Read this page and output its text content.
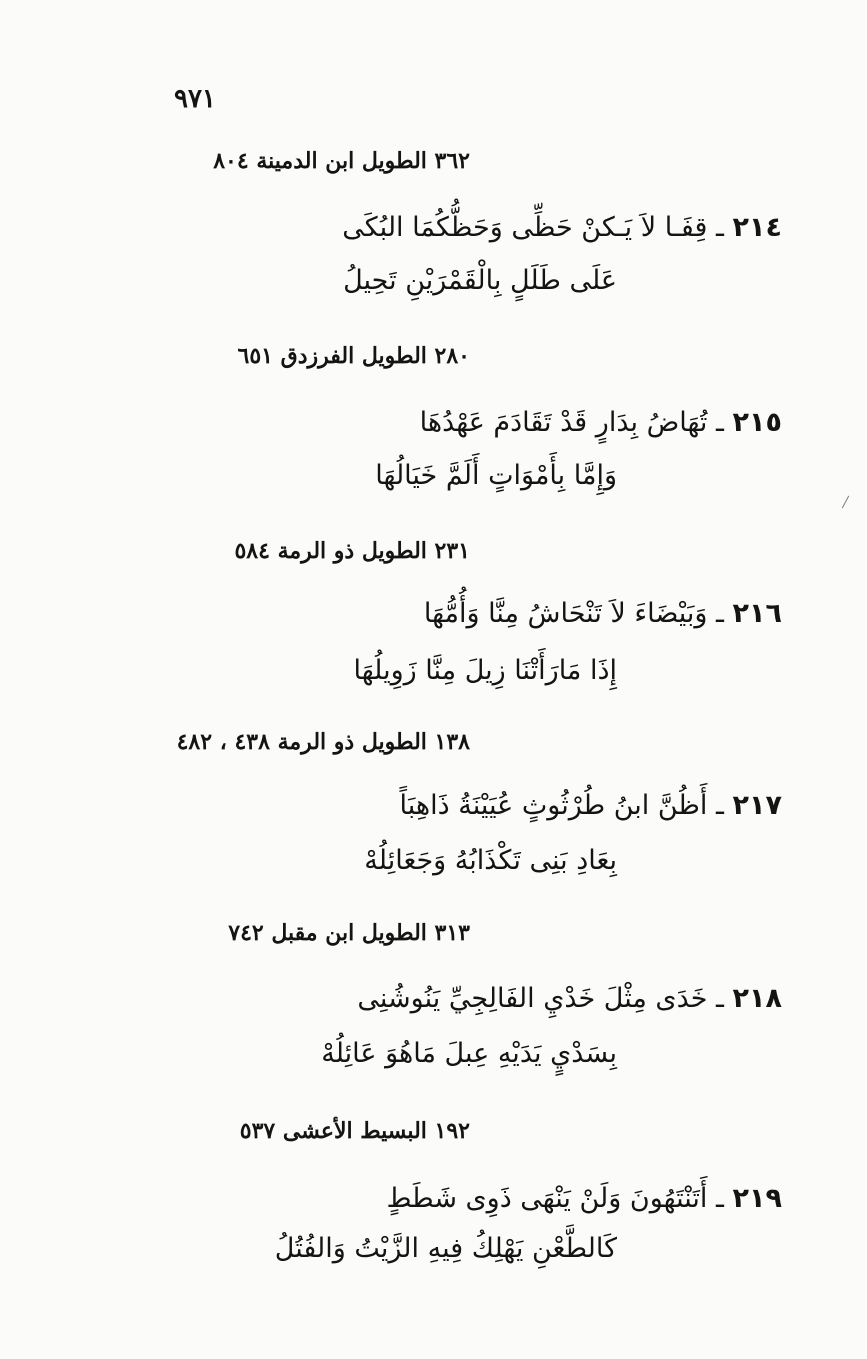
٩٧١
٣٦٢ الطويل ابن الدمينة ٨٠٤
٢١٤ ـ قِفَـا لاَ يَـكنْ حَظِّى وَحَظُّكُمَا البُكَى
عَلَى طَلَلٍ بِالْقَمْرَيْنِ تَحِيلُ
٢٨٠ الطويل الفرزدق ٦٥١
٢١٥ ـ تُهَاضُ بِدَارٍ قَدْ تَقَادَمَ عَهْدُهَا
وَإِمَّا بِأَمْوَاتٍ أَلَمَّ خَيَالُهَا
٢٣١ الطويل ذو الرمة ٥٨٤
٢١٦ ـ وَبَيْضَاءَ لاَ تَنْحَاشُ مِنَّا وَأُمُّهَا
إِذَا مَارَأَتْنَا زِيلَ مِنَّا زَوِيلُهَا
١٣٨ الطويل ذو الرمة ٤٣٨ ، ٤٨٢
٢١٧ ـ أَظُنَّ ابنُ طُرْثُوثٍ عُيَيْنَةُ ذَاهِبَاً
بِعَادِ بَنِى تَكْذَابُهُ وَجَعَائِلُهْ
٣١٣ الطويل ابن مقبل ٧٤٢
٢١٨ ـ خَدَى مِثْلَ خَدْيِ الفَالِجِيِّ يَنُوشُنِى
بِسَدْيٍ يَدَيْهِ عِبلَ مَاهُوَ عَائِلُهْ
١٩٢ البسيط الأعشى ٥٣٧
٢١٩ ـ أَتَنْتَهُونَ وَلَنْ يَنْهَى ذَوِى شَطَطٍ
كَالطَّعْنِ يَهْلِكُ فِيهِ الزَّيْتُ وَالفُتُلُ
